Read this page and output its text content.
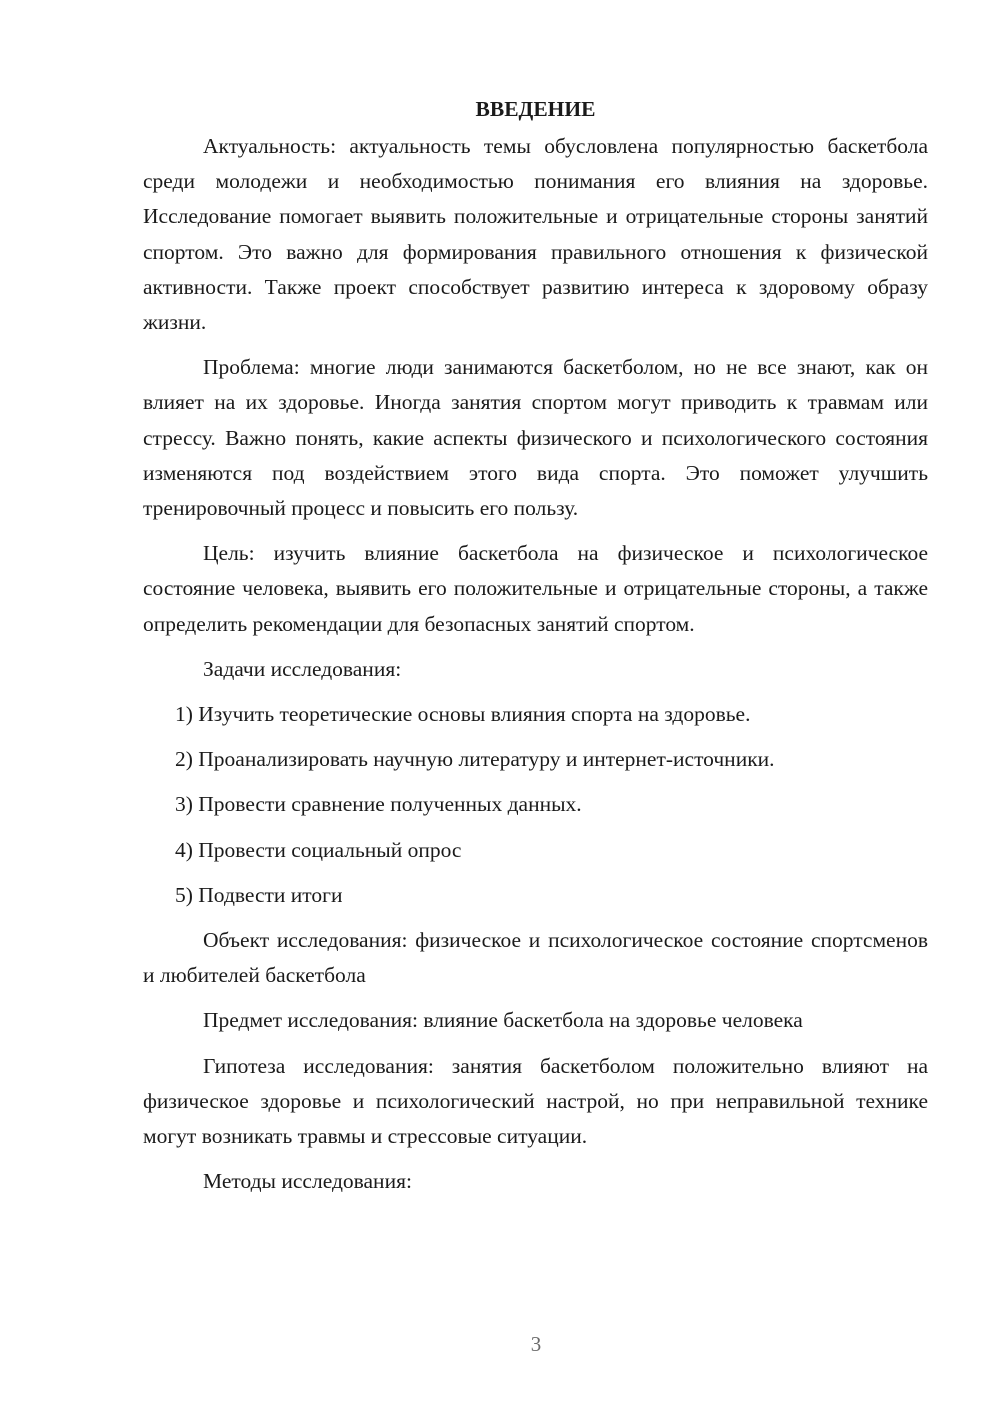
ВВЕДЕНИЕ

Актуальность: актуальность темы обусловлена популярностью баскетбола среди молодежи и необходимостью понимания его влияния на здоровье. Исследование помогает выявить положительные и отрицательные стороны занятий спортом. Это важно для формирования правильного отношения к физической активности. Также проект способствует развитию интереса к здоровому образу жизни.

Проблема: многие люди занимаются баскетболом, но не все знают, как он влияет на их здоровье. Иногда занятия спортом могут приводить к травмам или стрессу. Важно понять, какие аспекты физического и психологического состояния изменяются под воздействием этого вида спорта. Это поможет улучшить тренировочный процесс и повысить его пользу.

Цель: изучить влияние баскетбола на физическое и психологическое состояние человека, выявить его положительные и отрицательные стороны, а также определить рекомендации для безопасных занятий спортом.

Задачи исследования:

1) Изучить теоретические основы влияния спорта на здоровье.
2) Проанализировать научную литературу и интернет-источники.
3) Провести сравнение полученных данных.
4) Провести социальный опрос
5) Подвести итоги

Объект исследования: физическое и психологическое состояние спортсменов и любителей баскетбола

Предмет исследования: влияние баскетбола на здоровье человека

Гипотеза исследования: занятия баскетболом положительно влияют на физическое здоровье и психологический настрой, но при неправильной технике могут возникать травмы и стрессовые ситуации.

Методы исследования:

3
